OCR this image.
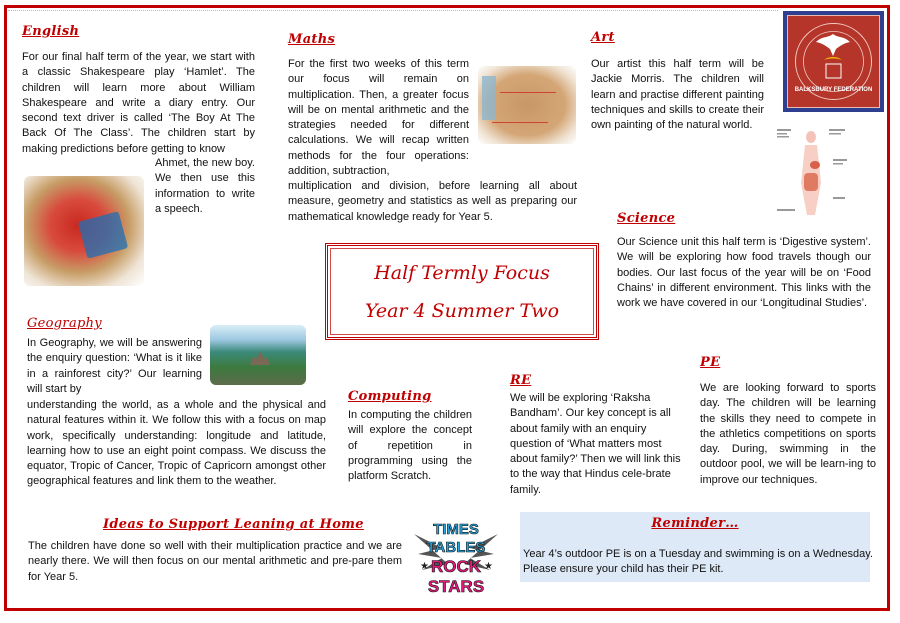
English
For our final half term of the year, we start with a classic Shakespeare play ‘Hamlet’. The children will learn more about William Shakespeare and write a diary entry. Our second text driver is called ‘The Boy At The Back Of The Class’. The children start by making predictions before getting to know
Ahmet, the new boy. We then use this information to write a speech.
Maths
For the first two weeks of this term our focus will remain on multiplication. Then, a greater focus will be on mental arithmetic and the strategies needed for different calculations. We will recap written methods for the four operations: addition, subtraction,
multiplication and division, before learning all about measure, geometry and statistics as well as preparing our mathematical knowledge ready for Year 5.
Art
Our artist this half term will be Jackie Morris. The children will learn and practise different painting techniques and skills to create their own painting of the natural world.
BALKSBURY FEDERATION
Science
Our Science unit this half term is ‘Digestive system’. We will be exploring how food travels though our bodies. Our last focus of the year will be on ‘Food Chains’ in different environment. This links with the work we have covered in our ‘Longitudinal Studies’.
Half Termly Focus
Year 4 Summer Two
Geography
In Geography, we will be answering the enquiry question: ‘What is it like in a rainforest city?’ Our learning will start by
understanding the world, as a whole and the physical and natural features within it. We follow this with a focus on map work, specifically understanding: longitude and latitude, learning how to use an eight point compass. We discuss the equator, Tropic of Cancer, Tropic of Capricorn amongst other geographical features and link them to the weather.
Computing
In computing the children will explore the concept of repetition in programming using the platform Scratch.
RE
We will be exploring ‘Raksha Bandham’. Our key concept is all about family with an enquiry question of ‘What matters most about family?’ Then we will link this to the way that Hindus cele-brate family.
PE
We are looking forward to sports day. The children will be learning the skills they need to compete in the athletics competitions on sports day. During, swimming in the outdoor pool, we will be learn-ing to improve our techniques.
Ideas to Support Leaning at Home
The children have done so well with their multiplication practice and we are nearly there. We will then focus on our mental arithmetic and pre-pare them for Year 5.
★	★
TIMES
TABLES
ROCK
STARS
Reminder…
Year 4’s outdoor PE is on a Tuesday and swimming is on a Wednesday. Please ensure your child has their PE kit.
